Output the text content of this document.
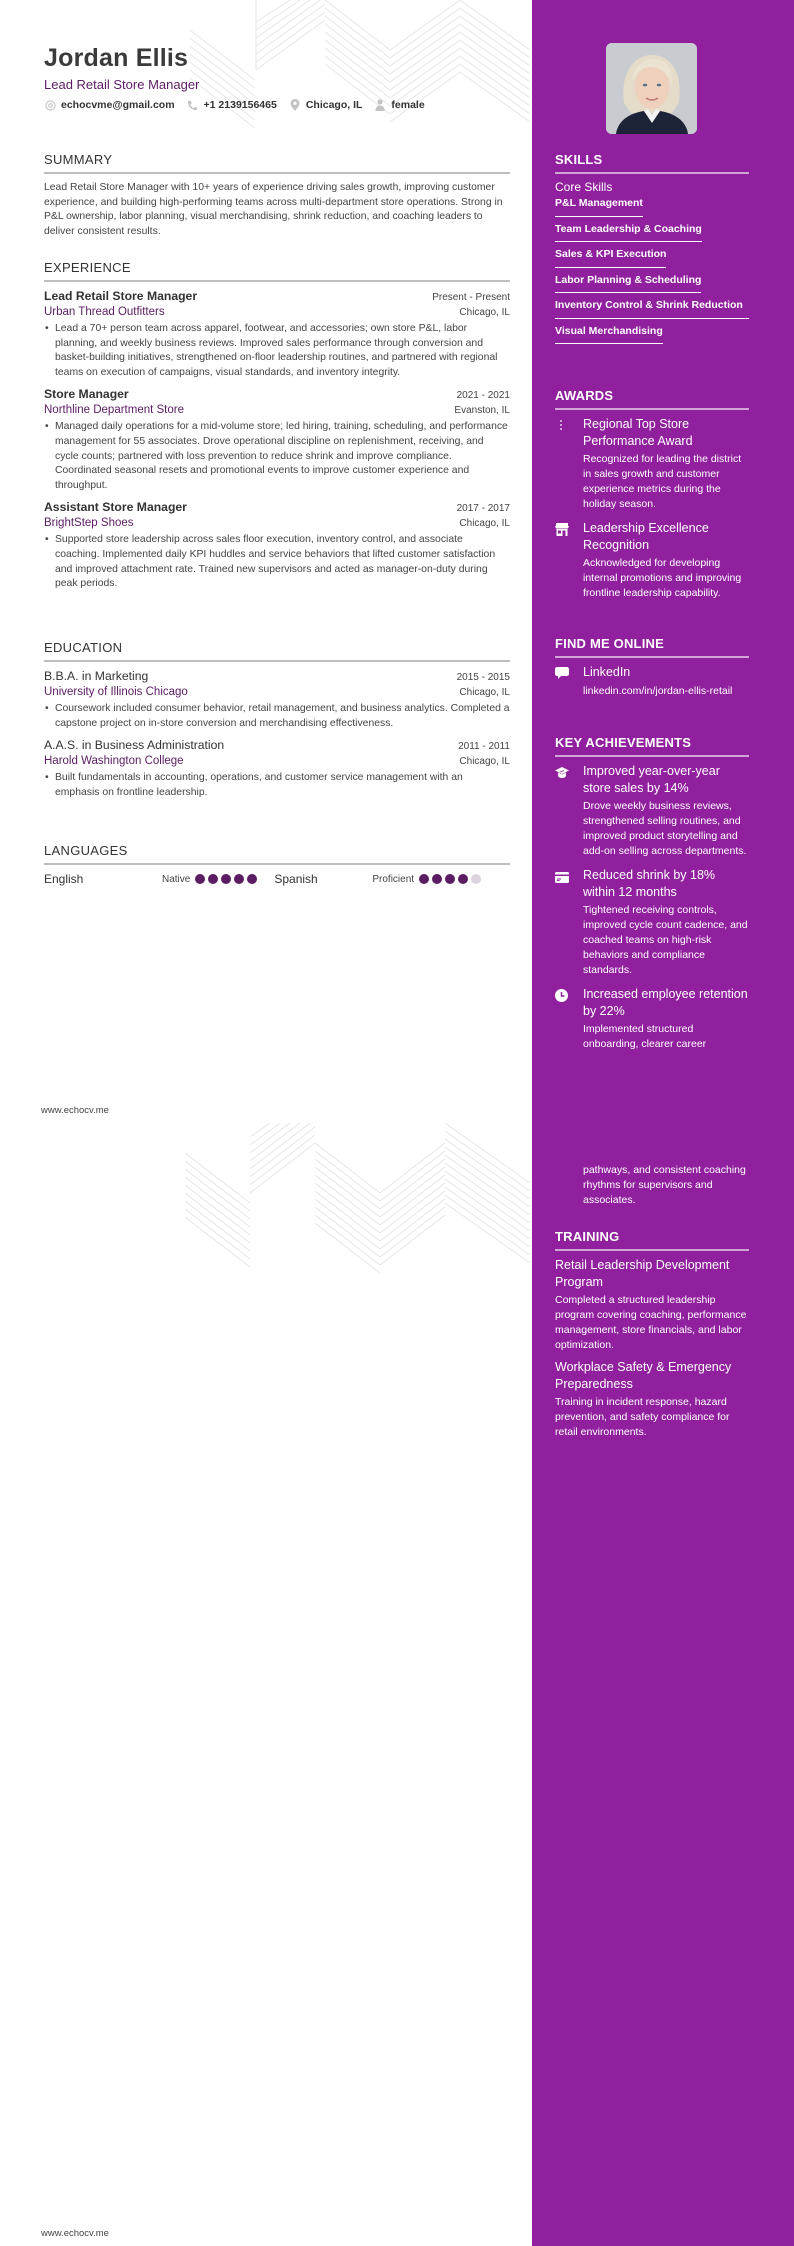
Jordan Ellis
Lead Retail Store Manager
echocvme@gmail.com	+1 2139156465	Chicago, IL	female
SUMMARY
Lead Retail Store Manager with 10+ years of experience driving sales growth, improving customer experience, and building high-performing teams across multi-department store operations. Strong in P&L ownership, labor planning, visual merchandising, shrink reduction, and coaching leaders to deliver consistent results.
EXPERIENCE
Lead Retail Store Manager	Present - Present
Urban Thread Outfitters	Chicago, IL
• Lead a 70+ person team across apparel, footwear, and accessories; own store P&L, labor planning, and weekly business reviews. Improved sales performance through conversion and basket-building initiatives, strengthened on-floor leadership routines, and partnered with regional teams on execution of campaigns, visual standards, and inventory integrity.
Store Manager	2021 - 2021
Northline Department Store	Evanston, IL
• Managed daily operations for a mid-volume store; led hiring, training, scheduling, and performance management for 55 associates. Drove operational discipline on replenishment, receiving, and cycle counts; partnered with loss prevention to reduce shrink and improve compliance. Coordinated seasonal resets and promotional events to improve customer experience and throughput.
Assistant Store Manager	2017 - 2017
BrightStep Shoes	Chicago, IL
• Supported store leadership across sales floor execution, inventory control, and associate coaching. Implemented daily KPI huddles and service behaviors that lifted customer satisfaction and improved attachment rate. Trained new supervisors and acted as manager-on-duty during peak periods.
EDUCATION
B.B.A. in Marketing	2015 - 2015
University of Illinois Chicago	Chicago, IL
• Coursework included consumer behavior, retail management, and business analytics. Completed a capstone project on in-store conversion and merchandising effectiveness.
A.A.S. in Business Administration	2011 - 2011
Harold Washington College	Chicago, IL
• Built fundamentals in accounting, operations, and customer service management with an emphasis on frontline leadership.
LANGUAGES
English	Native	Spanish	Proficient
www.echocv.me
www.echocv.me
SKILLS
Core Skills
P&L Management
Team Leadership & Coaching
Sales & KPI Execution
Labor Planning & Scheduling
Inventory Control & Shrink Reduction
Visual Merchandising
AWARDS
Regional Top Store Performance Award
Recognized for leading the district in sales growth and customer experience metrics during the holiday season.
Leadership Excellence Recognition
Acknowledged for developing internal promotions and improving frontline leadership capability.
FIND ME ONLINE
LinkedIn
linkedin.com/in/jordan-ellis-retail
KEY ACHIEVEMENTS
Improved year-over-year store sales by 14%
Drove weekly business reviews, strengthened selling routines, and improved product storytelling and add-on selling across departments.
Reduced shrink by 18% within 12 months
Tightened receiving controls, improved cycle count cadence, and coached teams on high-risk behaviors and compliance standards.
Increased employee retention by 22%
Implemented structured onboarding, clearer career
pathways, and consistent coaching rhythms for supervisors and associates.
TRAINING
Retail Leadership Development Program
Completed a structured leadership program covering coaching, performance management, store financials, and labor optimization.
Workplace Safety & Emergency Preparedness
Training in incident response, hazard prevention, and safety compliance for retail environments.
